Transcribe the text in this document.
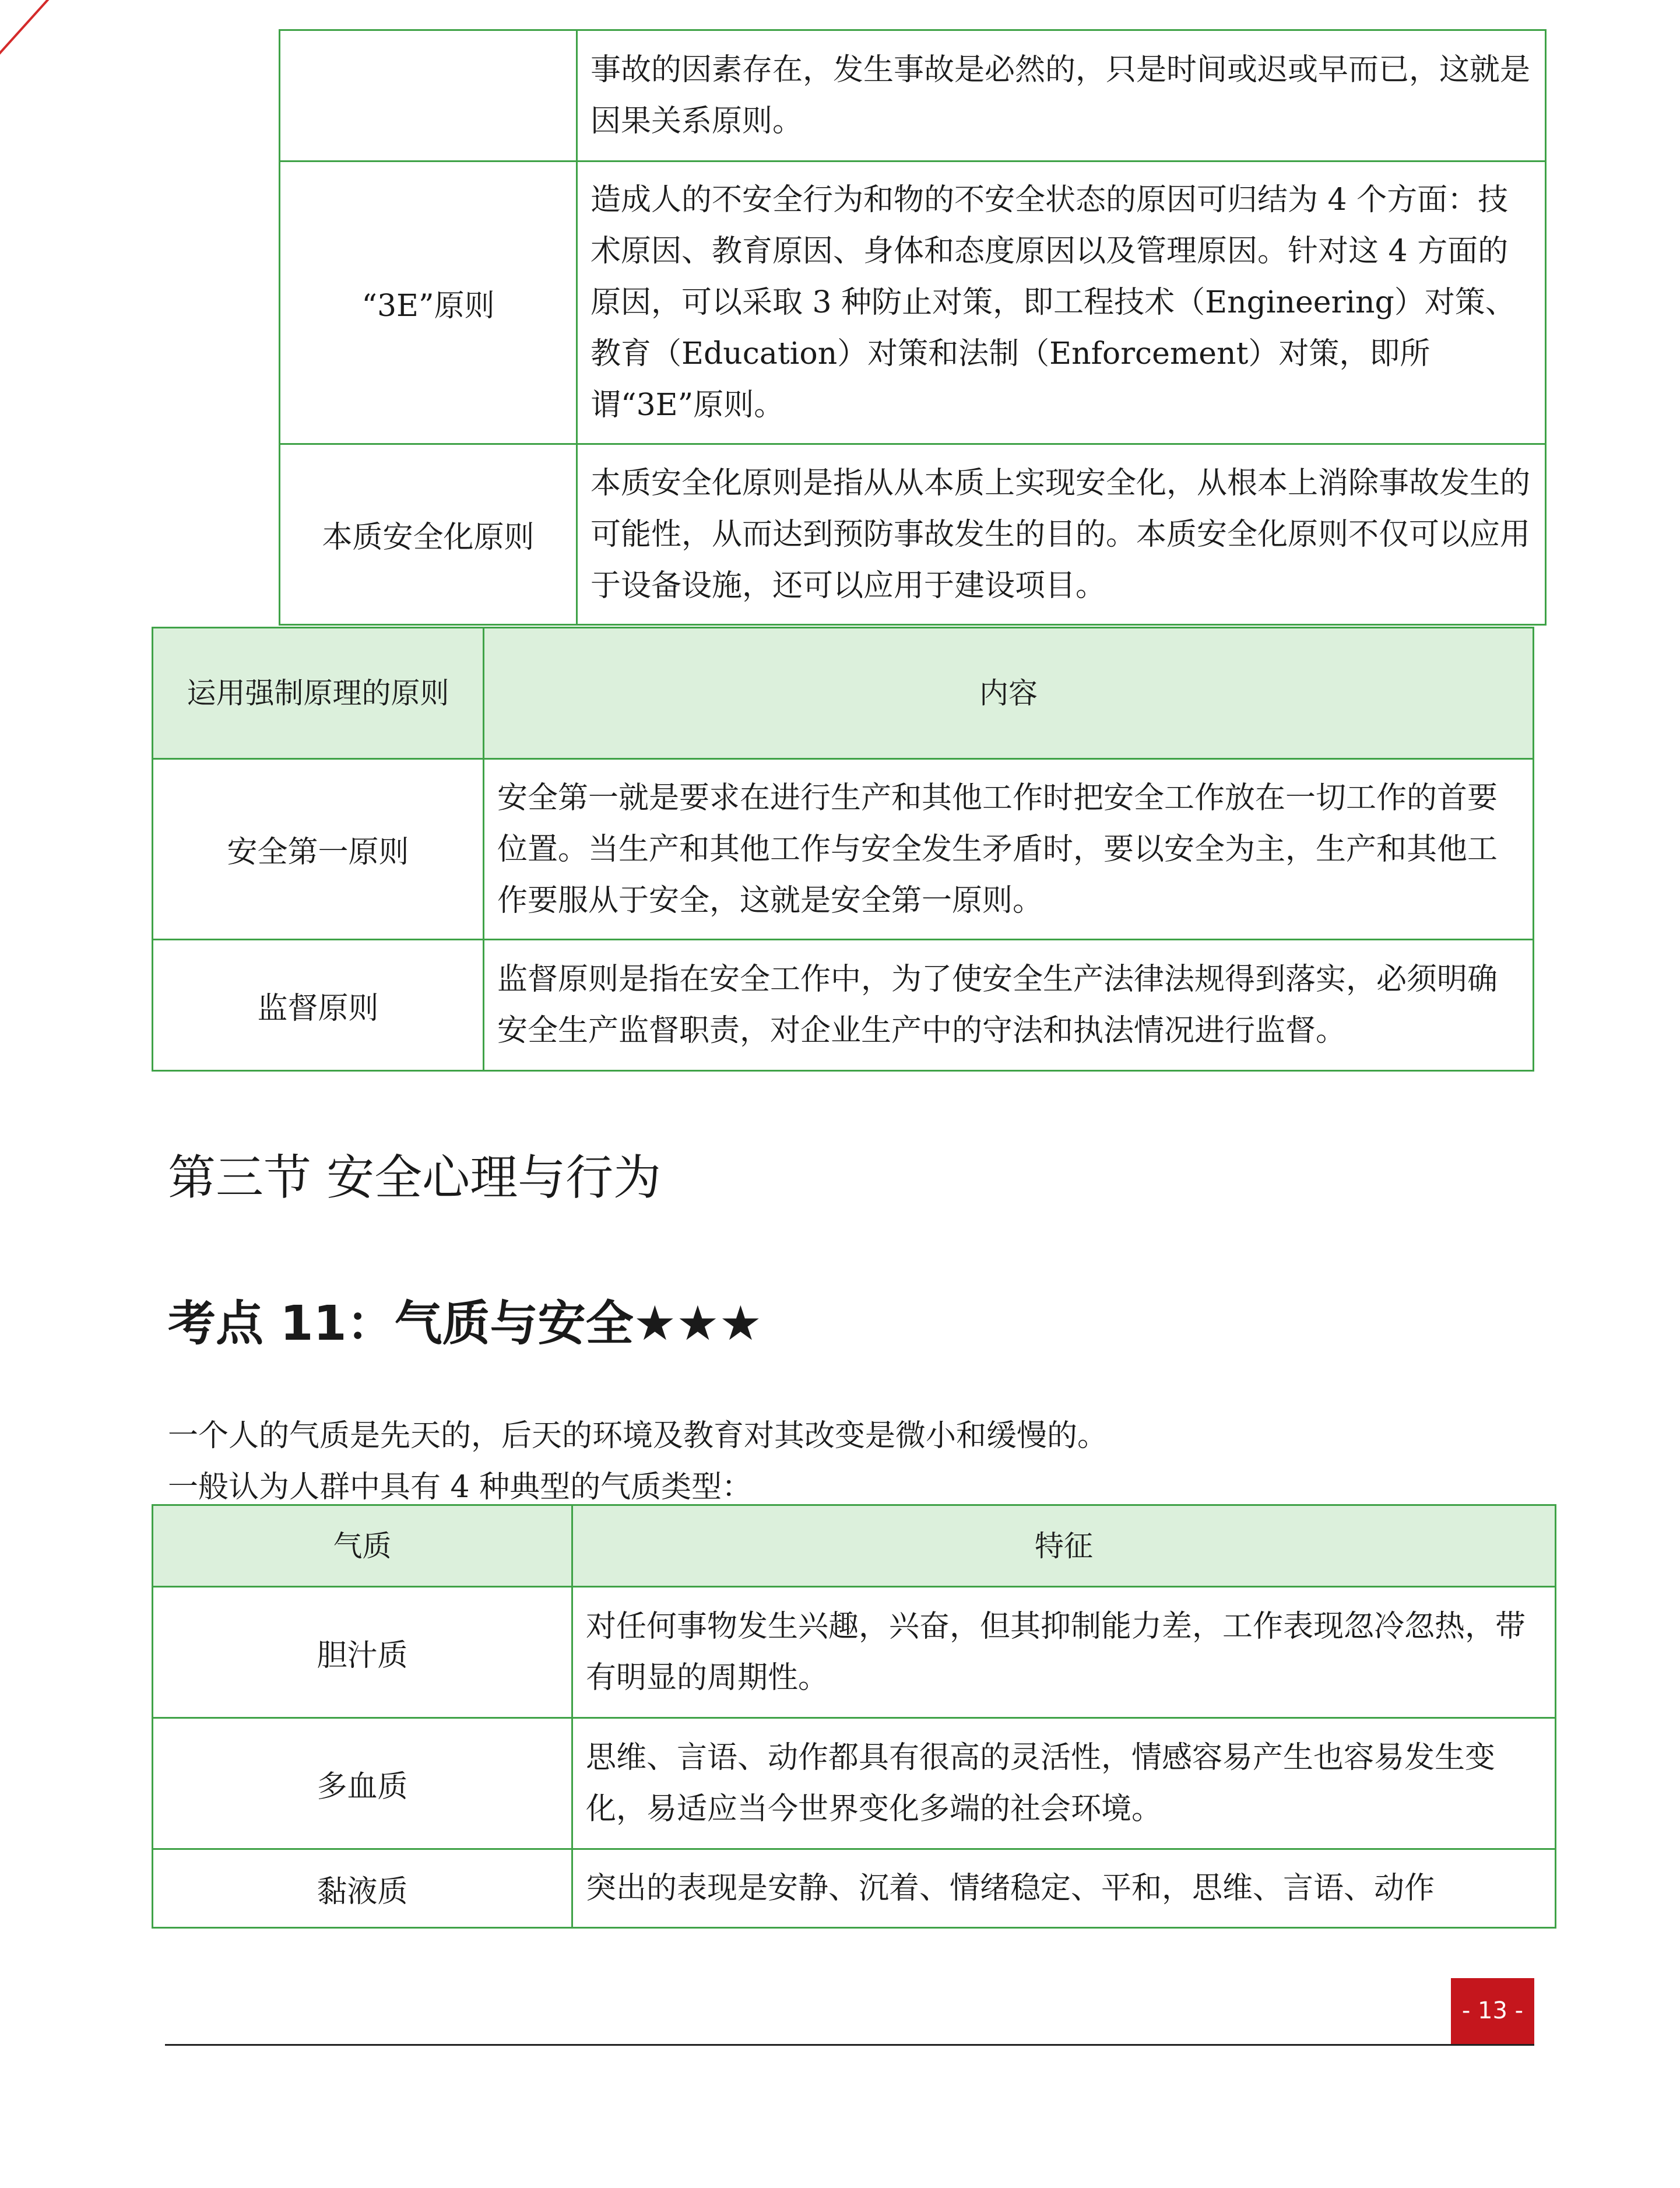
	事故的因素存在，发生事故是必然的，只是时间或迟或早而已，这就是因果关系原则。
“3E”原则	造成人的不安全行为和物的不安全状态的原因可归结为 4 个方面：技术原因、教育原因、身体和态度原因以及管理原因。针对这 4 方面的原因，可以采取 3 种防止对策，即工程技术（Engineering）对策、教育（Education）对策和法制（Enforcement）对策，即所谓“3E”原则。
本质安全化原则	本质安全化原则是指从从本质上实现安全化，从根本上消除事故发生的可能性，从而达到预防事故发生的目的。本质安全化原则不仅可以应用于设备设施，还可以应用于建设项目。
运用强制原理的原则	内容
安全第一原则	安全第一就是要求在进行生产和其他工作时把安全工作放在一切工作的首要位置。当生产和其他工作与安全发生矛盾时，要以安全为主，生产和其他工作要服从于安全，这就是安全第一原则。
监督原则	监督原则是指在安全工作中，为了使安全生产法律法规得到落实，必须明确安全生产监督职责，对企业生产中的守法和执法情况进行监督。
第三节 安全心理与行为
考点 11：气质与安全★★★
一个人的气质是先天的，后天的环境及教育对其改变是微小和缓慢的。
一般认为人群中具有 4 种典型的气质类型：
气质	特征
胆汁质	对任何事物发生兴趣，兴奋，但其抑制能力差，工作表现忽冷忽热，带有明显的周期性。
多血质	思维、言语、动作都具有很高的灵活性，情感容易产生也容易发生变化，易适应当今世界变化多端的社会环境。
黏液质	突出的表现是安静、沉着、情绪稳定、平和，思维、言语、动作
- 13 -
